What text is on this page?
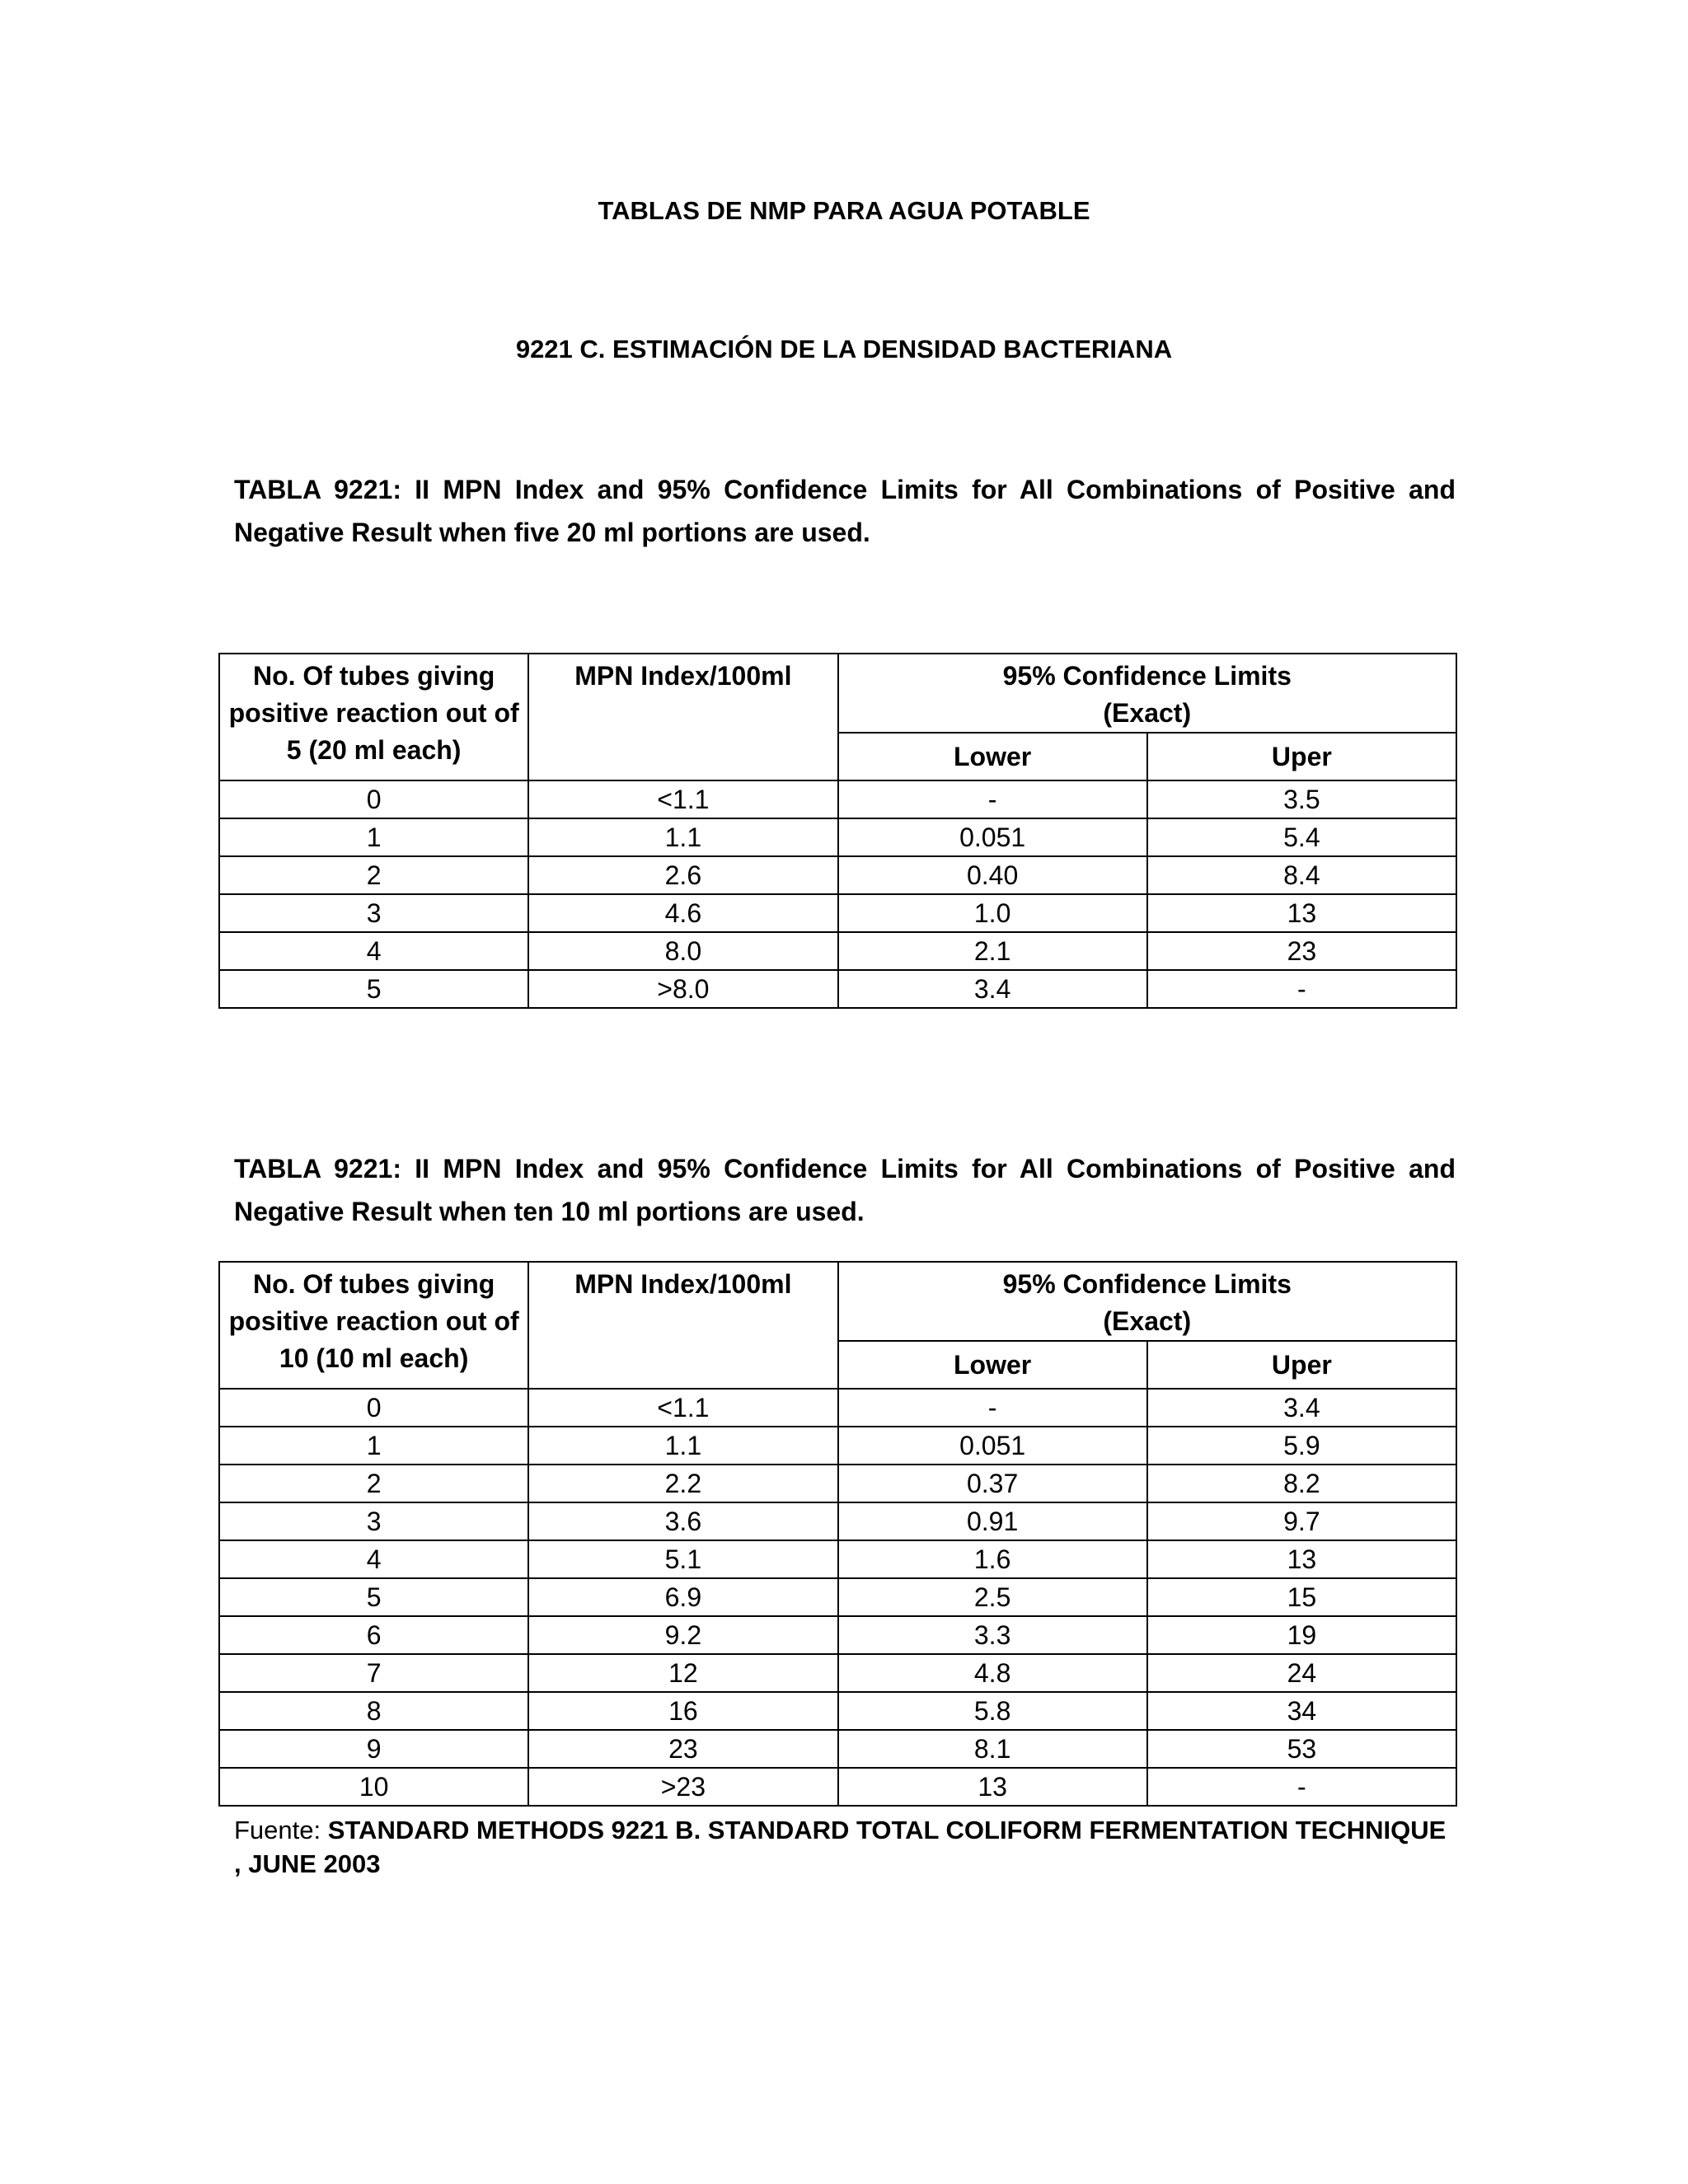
TABLAS DE NMP PARA AGUA POTABLE
9221 C. ESTIMACIÓN DE LA DENSIDAD BACTERIANA
TABLA 9221: II MPN Index and 95% Confidence Limits for All Combinations of Positive and Negative Result when five 20 ml portions are used.
No. Of tubes giving positive reaction out of 5 (20 ml each)	MPN Index/100ml	95% Confidence Limits
(Exact)	

		Lower	Uper
0	<1.1	-	3.5
1	1.1	0.051	5.4
2	2.6	0.40	8.4
3	4.6	1.0	13
4	8.0	2.1	23
5	>8.0	3.4	-
TABLA 9221: II MPN Index and 95% Confidence Limits for All Combinations of Positive and Negative Result when ten 10 ml portions are used.
No. Of tubes giving positive reaction out of 10 (10 ml each)	MPN Index/100ml	95% Confidence Limits
(Exact)	

		Lower	Uper
0	<1.1	-	3.4
1	1.1	0.051	5.9
2	2.2	0.37	8.2
3	3.6	0.91	9.7
4	5.1	1.6	13
5	6.9	2.5	15
6	9.2	3.3	19
7	12	4.8	24
8	16	5.8	34
9	23	8.1	53
10	>23	13	-
Fuente: STANDARD METHODS 9221 B. STANDARD TOTAL COLIFORM FERMENTATION TECHNIQUE , JUNE 2003
